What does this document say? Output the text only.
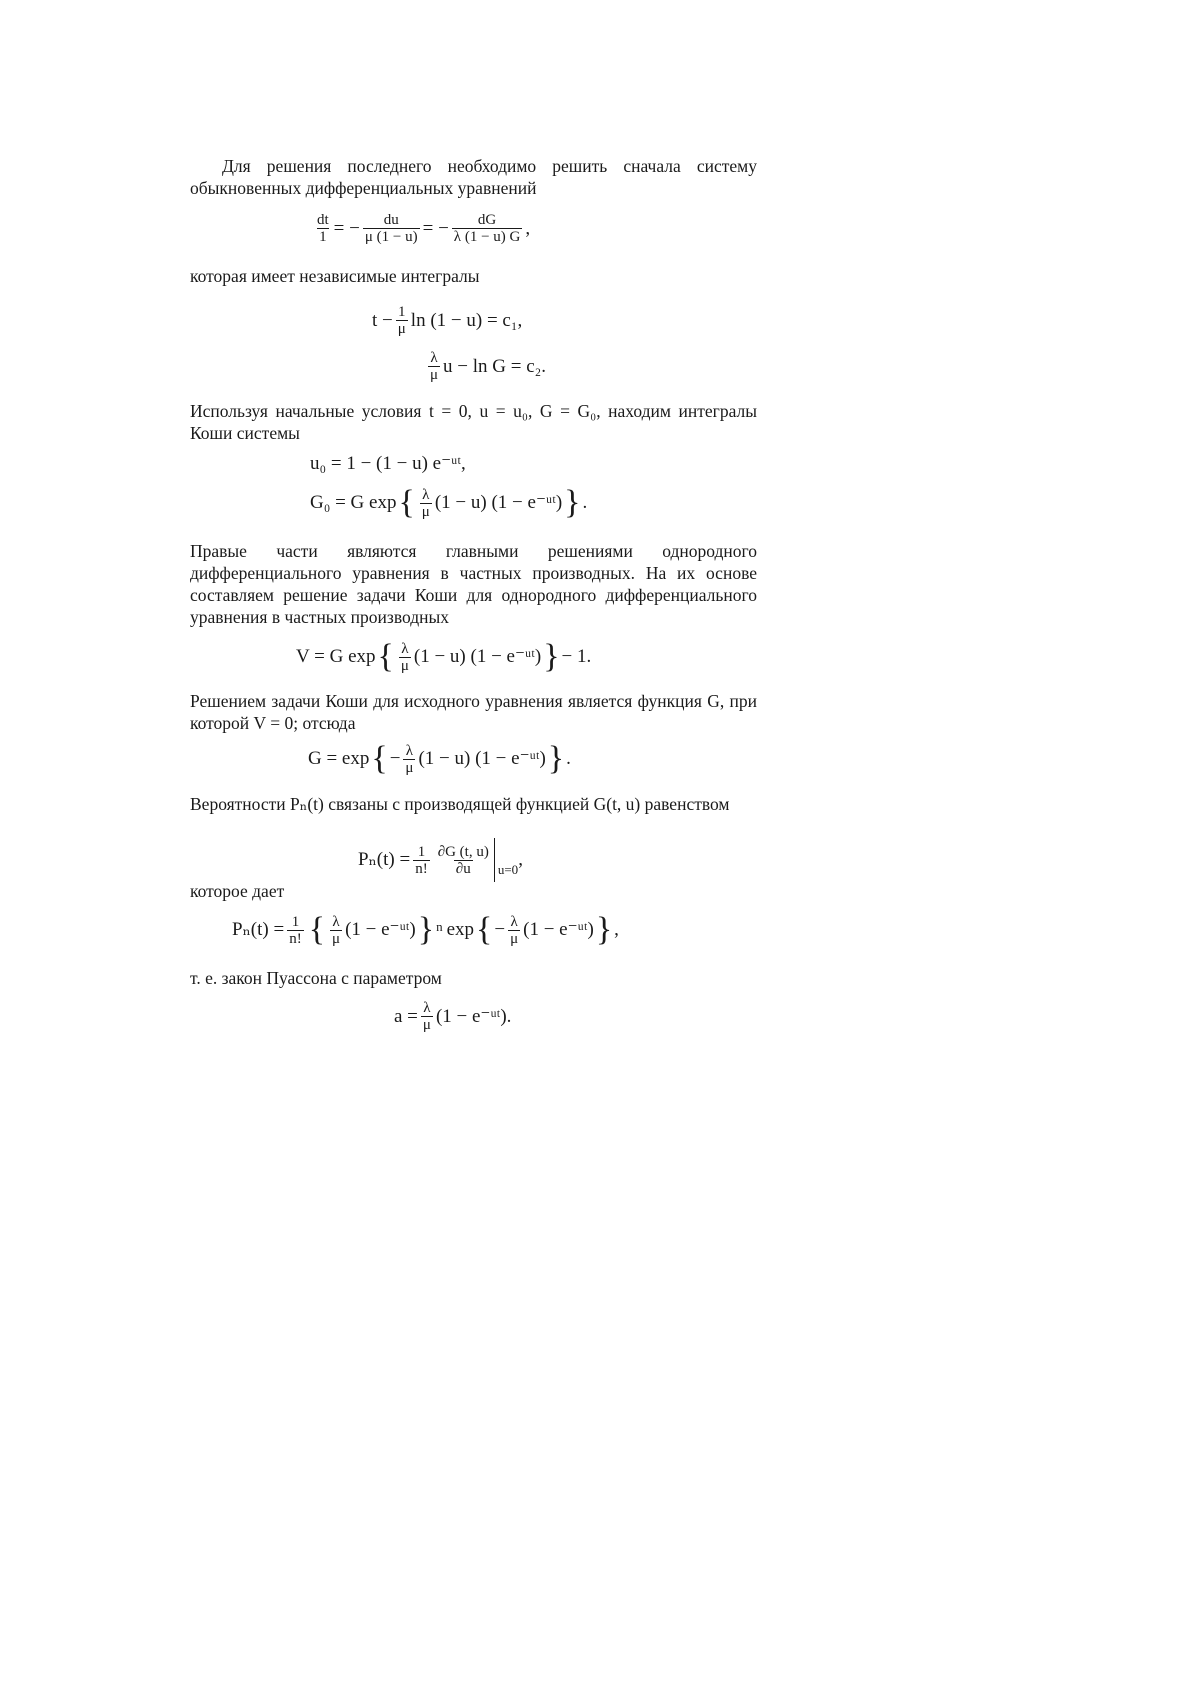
Для решения последнего необходимо решить сначала систему обыкновенных дифференциальных уравнений
$\frac{dt}{1}$ = − $\frac{du}{\mu (1 - u)}$ = − $\frac{dG}{\lambda (1 - u) G}$ ,
которая имеет независимые интегралы
$t - \frac{1}{\mu}$ ln (1 − u) = c₁,
λ
μ u − ln G = c₂.
Используя начальные условия t = 0, u = u₀, G = G₀, находим интегралы Коши системы
u₀ = 1 − (1 − u) e⁻ᵘᵗ,
G₀ = G exp { λ
μ (1 − u) (1 − e⁻ᵘᵗ) } .
Правые части являются главными решениями однородного дифференциального уравнения в частных производных. На их основе составляем решение задачи Коши для однородного дифференциального уравнения в частных производных
V = G exp { λ
μ (1 − u) (1 − e⁻ᵘᵗ) } − 1.
Решением задачи Коши для исходного уравнения является функция G, при которой V = 0; отсюда
G = exp { − $\frac{\lambda}{\mu} (1 - u) (1$ − e⁻ᵘᵗ) } .
Вероятности Pₙ(t) связаны с производящей функцией G(t, u) равенством
$P_n(t) = \frac{1}{n!} \partial G$ (t, u)
∂u u=0 ,
которое дает
$P_n(t) = \frac{1}{n!}$ { λ
μ (1 − e⁻ᵘᵗ) } n exp { − $\frac{\lambda}{\mu} (1$ − e⁻ᵘᵗ) } ,
т. е. закон Пуассона с параметром
$a = \frac{\lambda}{\mu} (1$ − e⁻ᵘᵗ).
